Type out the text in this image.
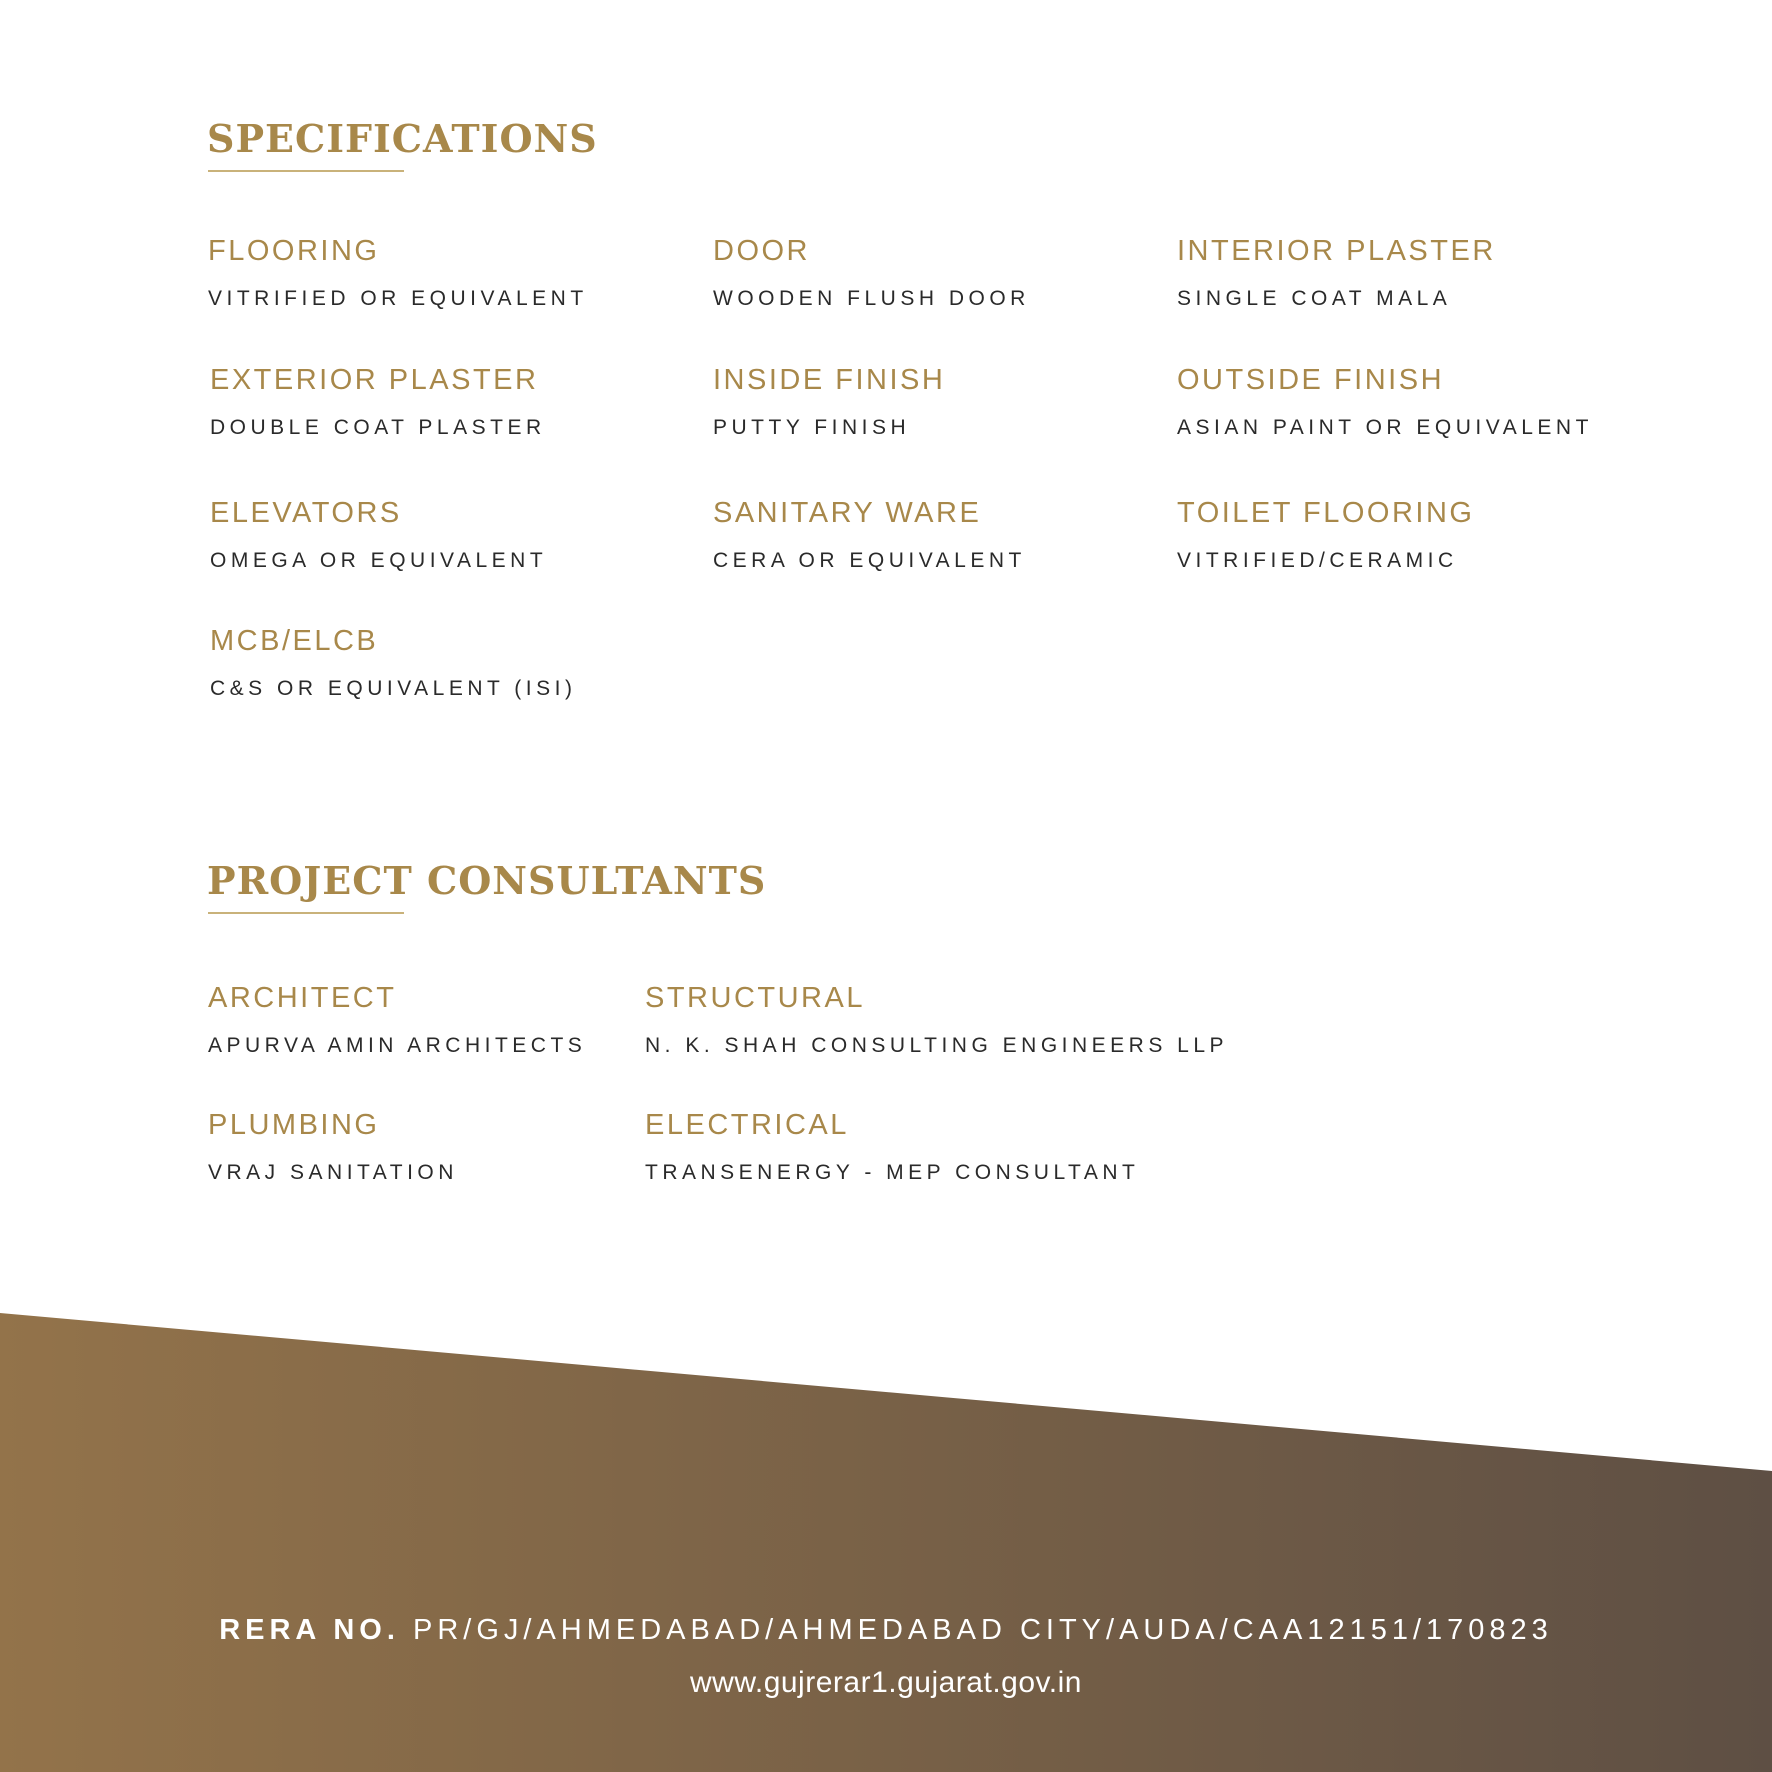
SPECIFICATIONS
FLOORING
VITRIFIED OR EQUIVALENT
DOOR
WOODEN FLUSH DOOR
INTERIOR PLASTER
SINGLE COAT MALA
EXTERIOR PLASTER
DOUBLE COAT PLASTER
INSIDE FINISH
PUTTY FINISH
OUTSIDE FINISH
ASIAN PAINT OR EQUIVALENT
ELEVATORS
OMEGA OR EQUIVALENT
SANITARY WARE
CERA OR EQUIVALENT
TOILET FLOORING
VITRIFIED/CERAMIC
MCB/ELCB
C&S OR EQUIVALENT (ISI)
PROJECT CONSULTANTS
ARCHITECT
APURVA AMIN ARCHITECTS
STRUCTURAL
N. K. SHAH CONSULTING ENGINEERS LLP
PLUMBING
VRAJ SANITATION
ELECTRICAL
TRANSENERGY - MEP CONSULTANT
RERA NO. PR/GJ/AHMEDABAD/AHMEDABAD CITY/AUDA/CAA12151/170823
www.gujrerar1.gujarat.gov.in
